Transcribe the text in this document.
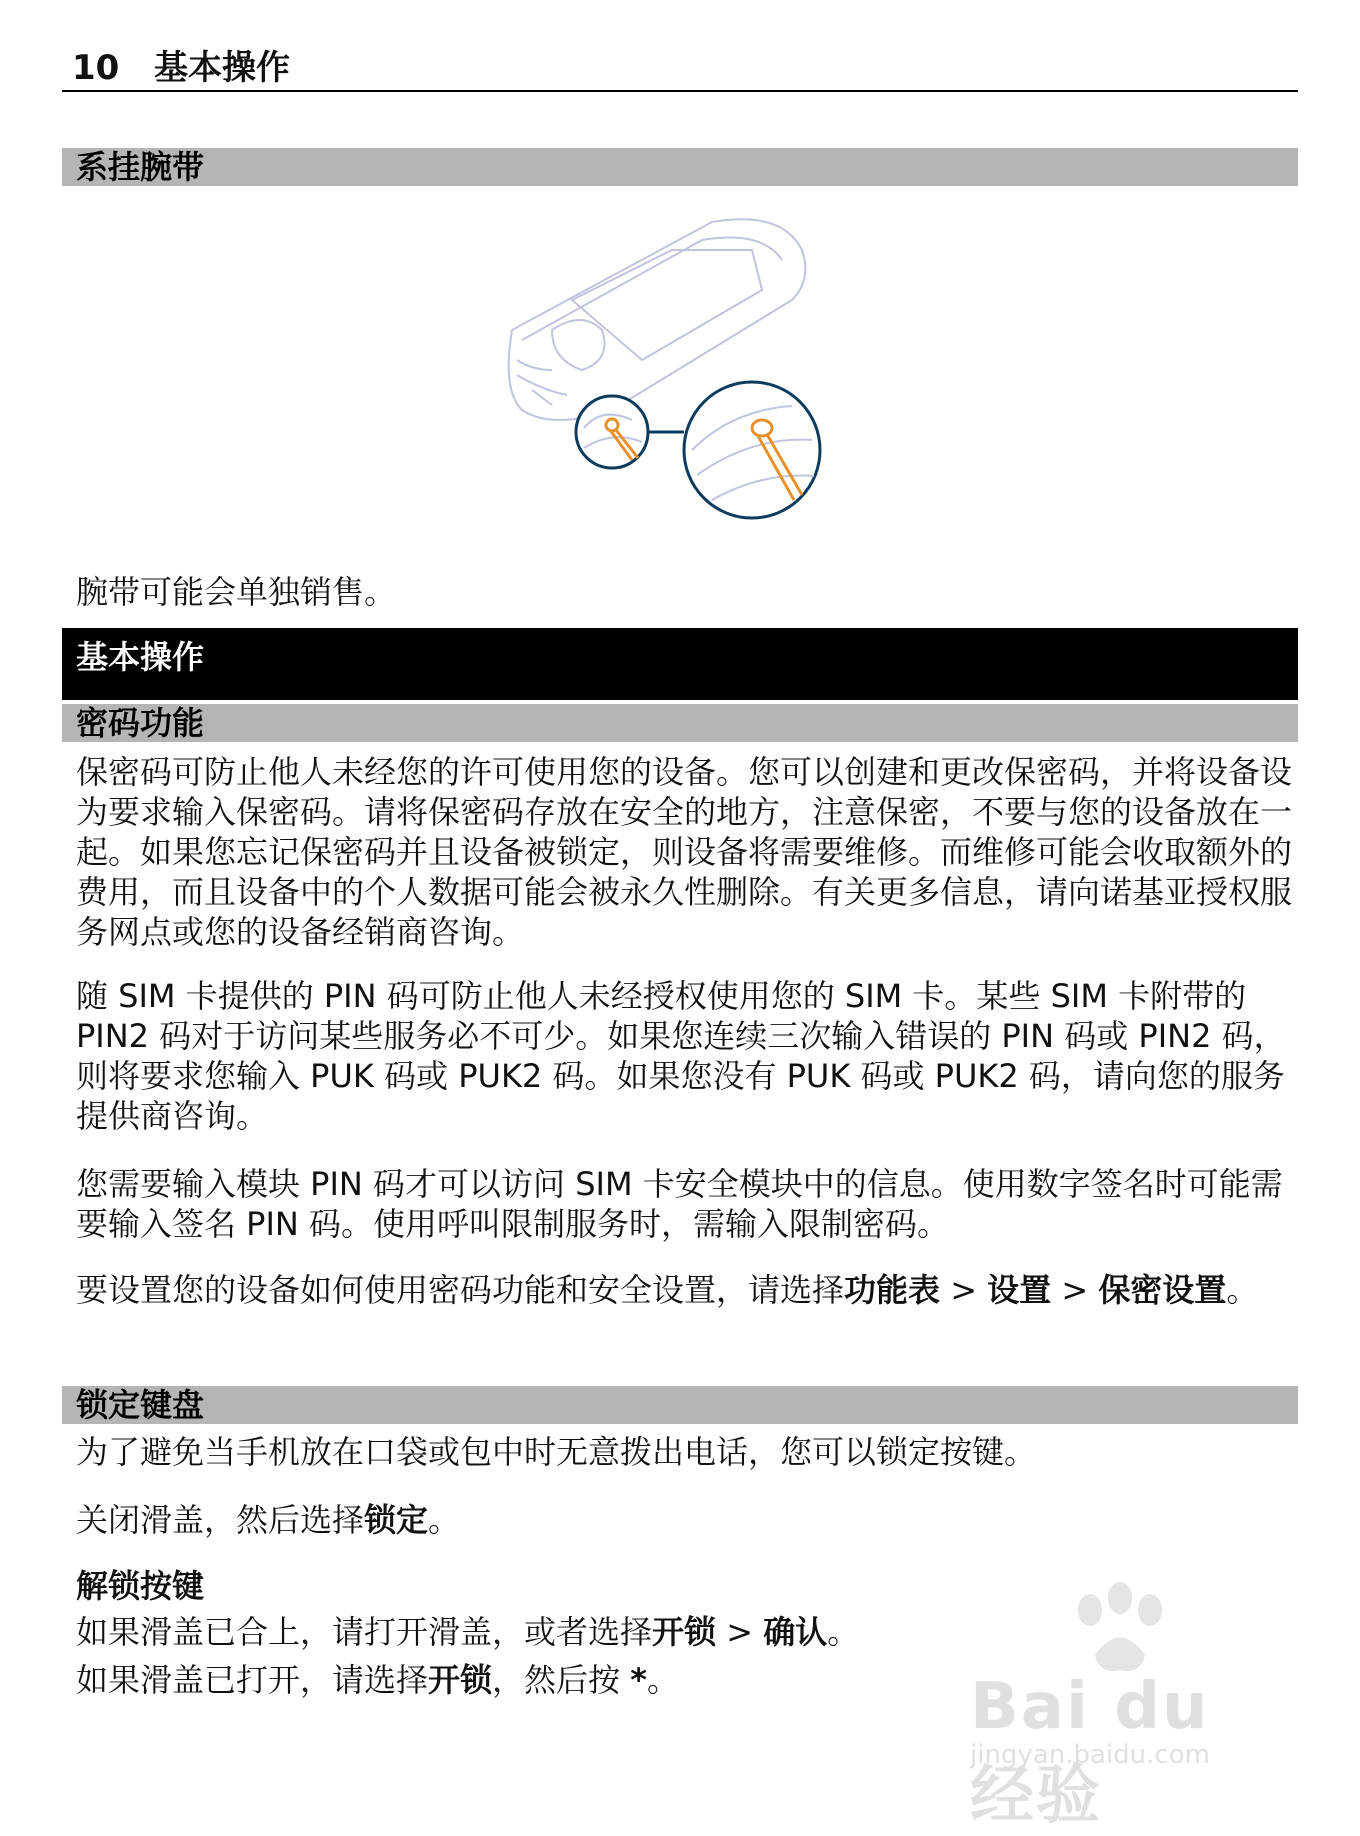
10 基本操作
系挂腕带

腕带可能会单独销售。

基本操作
密码功能

保密码可防止他人未经您的许可使用您的设备。您可以创建和更改保密码，并将设备设为要求输入保密码。请将保密码存放在安全的地方，注意保密，不要与您的设备放在一起。如果您忘记保密码并且设备被锁定，则设备将需要维修。而维修可能会收取额外的费用，而且设备中的个人数据可能会被永久性删除。有关更多信息，请向诺基亚授权服务网点或您的设备经销商咨询。

随 SIM 卡提供的 PIN 码可防止他人未经授权使用您的 SIM 卡。某些 SIM 卡附带的 PIN2 码对于访问某些服务必不可少。如果您连续三次输入错误的 PIN 码或 PIN2 码，则将要求您输入 PUK 码或 PUK2 码。如果您没有 PUK 码或 PUK2 码，请向您的服务提供商咨询。

您需要输入模块 PIN 码才可以访问 SIM 卡安全模块中的信息。使用数字签名时可能需要输入签名 PIN 码。使用呼叫限制服务时，需输入限制密码。

要设置您的设备如何使用密码功能和安全设置，请选择功能表 > 设置 > 保密设置。

锁定键盘

为了避免当手机放在口袋或包中时无意拨出电话，您可以锁定按键。

关闭滑盖，然后选择锁定。

解锁按键

如果滑盖已合上，请打开滑盖，或者选择开锁 > 确认。

如果滑盖已打开，请选择开锁，然后按 *。	Bai du 经验
jingyan.baidu.com
